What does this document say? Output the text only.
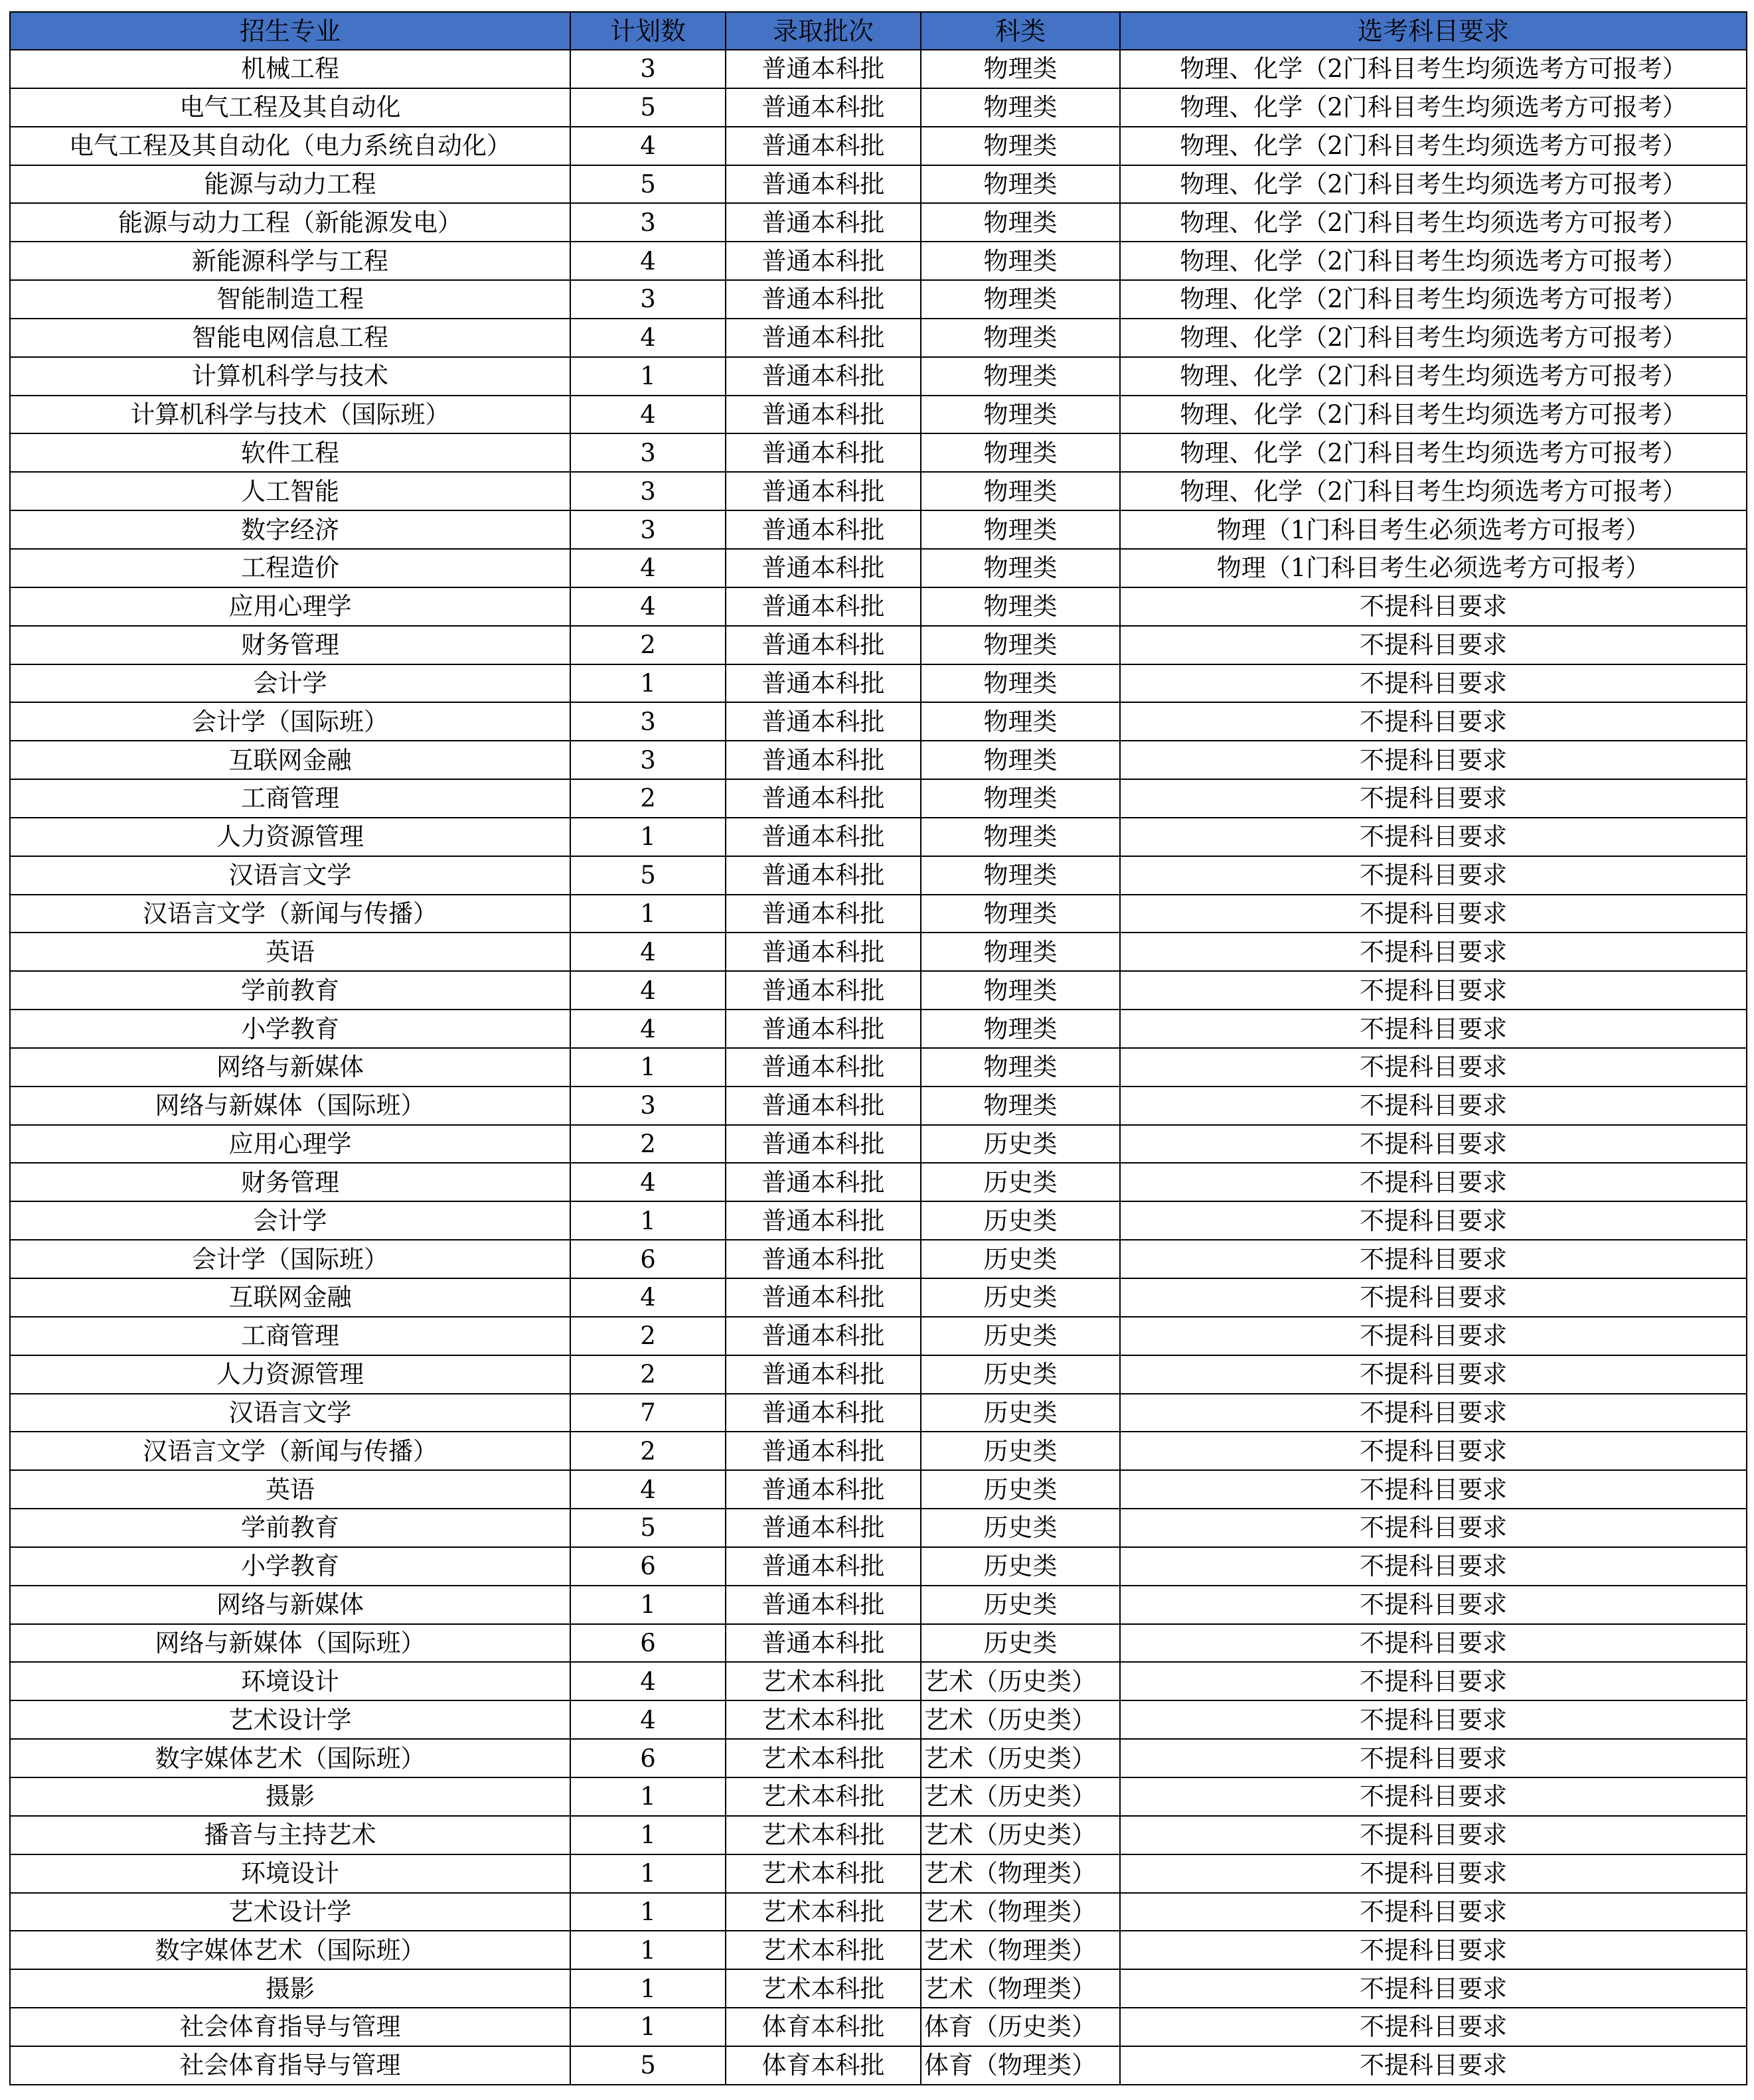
招生专业	计划数	录取批次	科类	选考科目要求
机械工程	3	普通本科批	物理类	物理、化学（2门科目考生均须选考方可报考）
电气工程及其自动化	5	普通本科批	物理类	物理、化学（2门科目考生均须选考方可报考）
电气工程及其自动化（电力系统自动化）	4	普通本科批	物理类	物理、化学（2门科目考生均须选考方可报考）
能源与动力工程	5	普通本科批	物理类	物理、化学（2门科目考生均须选考方可报考）
能源与动力工程（新能源发电）	3	普通本科批	物理类	物理、化学（2门科目考生均须选考方可报考）
新能源科学与工程	4	普通本科批	物理类	物理、化学（2门科目考生均须选考方可报考）
智能制造工程	3	普通本科批	物理类	物理、化学（2门科目考生均须选考方可报考）
智能电网信息工程	4	普通本科批	物理类	物理、化学（2门科目考生均须选考方可报考）
计算机科学与技术	1	普通本科批	物理类	物理、化学（2门科目考生均须选考方可报考）
计算机科学与技术（国际班）	4	普通本科批	物理类	物理、化学（2门科目考生均须选考方可报考）
软件工程	3	普通本科批	物理类	物理、化学（2门科目考生均须选考方可报考）
人工智能	3	普通本科批	物理类	物理、化学（2门科目考生均须选考方可报考）
数字经济	3	普通本科批	物理类	物理（1门科目考生必须选考方可报考）
工程造价	4	普通本科批	物理类	物理（1门科目考生必须选考方可报考）
应用心理学	4	普通本科批	物理类	不提科目要求
财务管理	2	普通本科批	物理类	不提科目要求
会计学	1	普通本科批	物理类	不提科目要求
会计学（国际班）	3	普通本科批	物理类	不提科目要求
互联网金融	3	普通本科批	物理类	不提科目要求
工商管理	2	普通本科批	物理类	不提科目要求
人力资源管理	1	普通本科批	物理类	不提科目要求
汉语言文学	5	普通本科批	物理类	不提科目要求
汉语言文学（新闻与传播）	1	普通本科批	物理类	不提科目要求
英语	4	普通本科批	物理类	不提科目要求
学前教育	4	普通本科批	物理类	不提科目要求
小学教育	4	普通本科批	物理类	不提科目要求
网络与新媒体	1	普通本科批	物理类	不提科目要求
网络与新媒体（国际班）	3	普通本科批	物理类	不提科目要求
应用心理学	2	普通本科批	历史类	不提科目要求
财务管理	4	普通本科批	历史类	不提科目要求
会计学	1	普通本科批	历史类	不提科目要求
会计学（国际班）	6	普通本科批	历史类	不提科目要求
互联网金融	4	普通本科批	历史类	不提科目要求
工商管理	2	普通本科批	历史类	不提科目要求
人力资源管理	2	普通本科批	历史类	不提科目要求
汉语言文学	7	普通本科批	历史类	不提科目要求
汉语言文学（新闻与传播）	2	普通本科批	历史类	不提科目要求
英语	4	普通本科批	历史类	不提科目要求
学前教育	5	普通本科批	历史类	不提科目要求
小学教育	6	普通本科批	历史类	不提科目要求
网络与新媒体	1	普通本科批	历史类	不提科目要求
网络与新媒体（国际班）	6	普通本科批	历史类	不提科目要求
环境设计	4	艺术本科批	艺术（历史类）	不提科目要求
艺术设计学	4	艺术本科批	艺术（历史类）	不提科目要求
数字媒体艺术（国际班）	6	艺术本科批	艺术（历史类）	不提科目要求
摄影	1	艺术本科批	艺术（历史类）	不提科目要求
播音与主持艺术	1	艺术本科批	艺术（历史类）	不提科目要求
环境设计	1	艺术本科批	艺术（物理类）	不提科目要求
艺术设计学	1	艺术本科批	艺术（物理类）	不提科目要求
数字媒体艺术（国际班）	1	艺术本科批	艺术（物理类）	不提科目要求
摄影	1	艺术本科批	艺术（物理类）	不提科目要求
社会体育指导与管理	1	体育本科批	体育（历史类）	不提科目要求
社会体育指导与管理	5	体育本科批	体育（物理类）	不提科目要求
